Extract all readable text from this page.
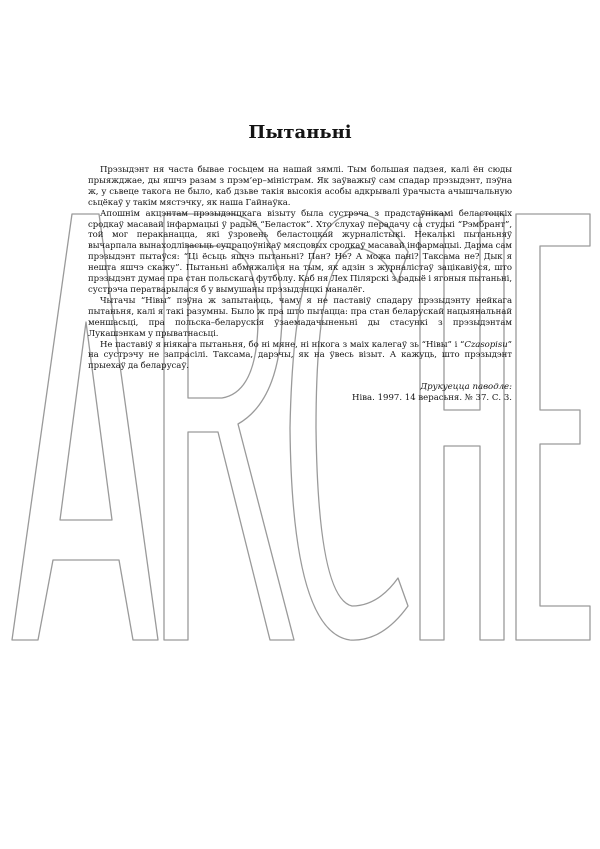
Пытаньні

Прэзыдэнт ня часта бывае госьцем на нашай зямлі. Тым большая падзея, калі ён сюды прыяжджае, ды яшчэ разам з прэм’ер–міністрам. Як заўважыў сам спадар прэзыдэнт, пэўна ж, у сьвеце такога не было, каб дзьве такія высокія асобы адкрывалі ўрачыста ачышчальную сьцёкаў у такім мястэчку, як наша Гайнаўка.

Апошнім акцэнтам прэзыдэнцкага візыту была сустрэча з прадстаўнікамі беластоцкіх сродкаў масавай інфармацыі ў радыё “Беласток”. Хто слухаў перадачу са студыі “Рэмбрант”, той мог пераканацца, які ўзровень беластоцкай журналістыкі. Некалькі пытаньняў вычарпала вынаходлівасьць супрацоўнікаў мясцовых сродкаў масавай інфармацыі. Дарма сам прэзыдэнт пытаўся: “Ці ёсьць яшчэ пытаньні? Пан? Не? А можа пані? Таксама не? Дык я нешта яшчэ скажу”. Пытаньні абмяжаліся на тым, як адзін з журналістаў зацікавіўся, што прэзыдэнт думае пра стан польскага футболу. Каб ня Лех Пілярскі з радыё і ягоныя пытаньні, сустрэча ператварылася б у вымушаны прэзыдэнцкі маналёг.

Чытачы “Нівы” пэўна ж запытаюць, чаму я не паставіў спадару прэзыдэнту нейкага пытаньня, калі я такі разумны. Было ж пра што пытацца: пра стан беларускай нацыянальнай меншасьці, пра польска–беларускія ўзаемадачыненьні ды стасункі з прэзыдэнтам Лукашэнкам у прыватнасьці.

Не паставіў я ніякага пытаньня, бо ні мяне, ні нікога з маіх калегаў зь “Нівы” і “Czasopisu” на сустрэчу не запрасілі. Таксама, дарэчы, як на ўвесь візыт. А кажуць, што прэзыдэнт прыехаў да беларусаў.

Друкуецца паводле:
Ніва. 1997. 14 верасьня. № 37. С. 3.
